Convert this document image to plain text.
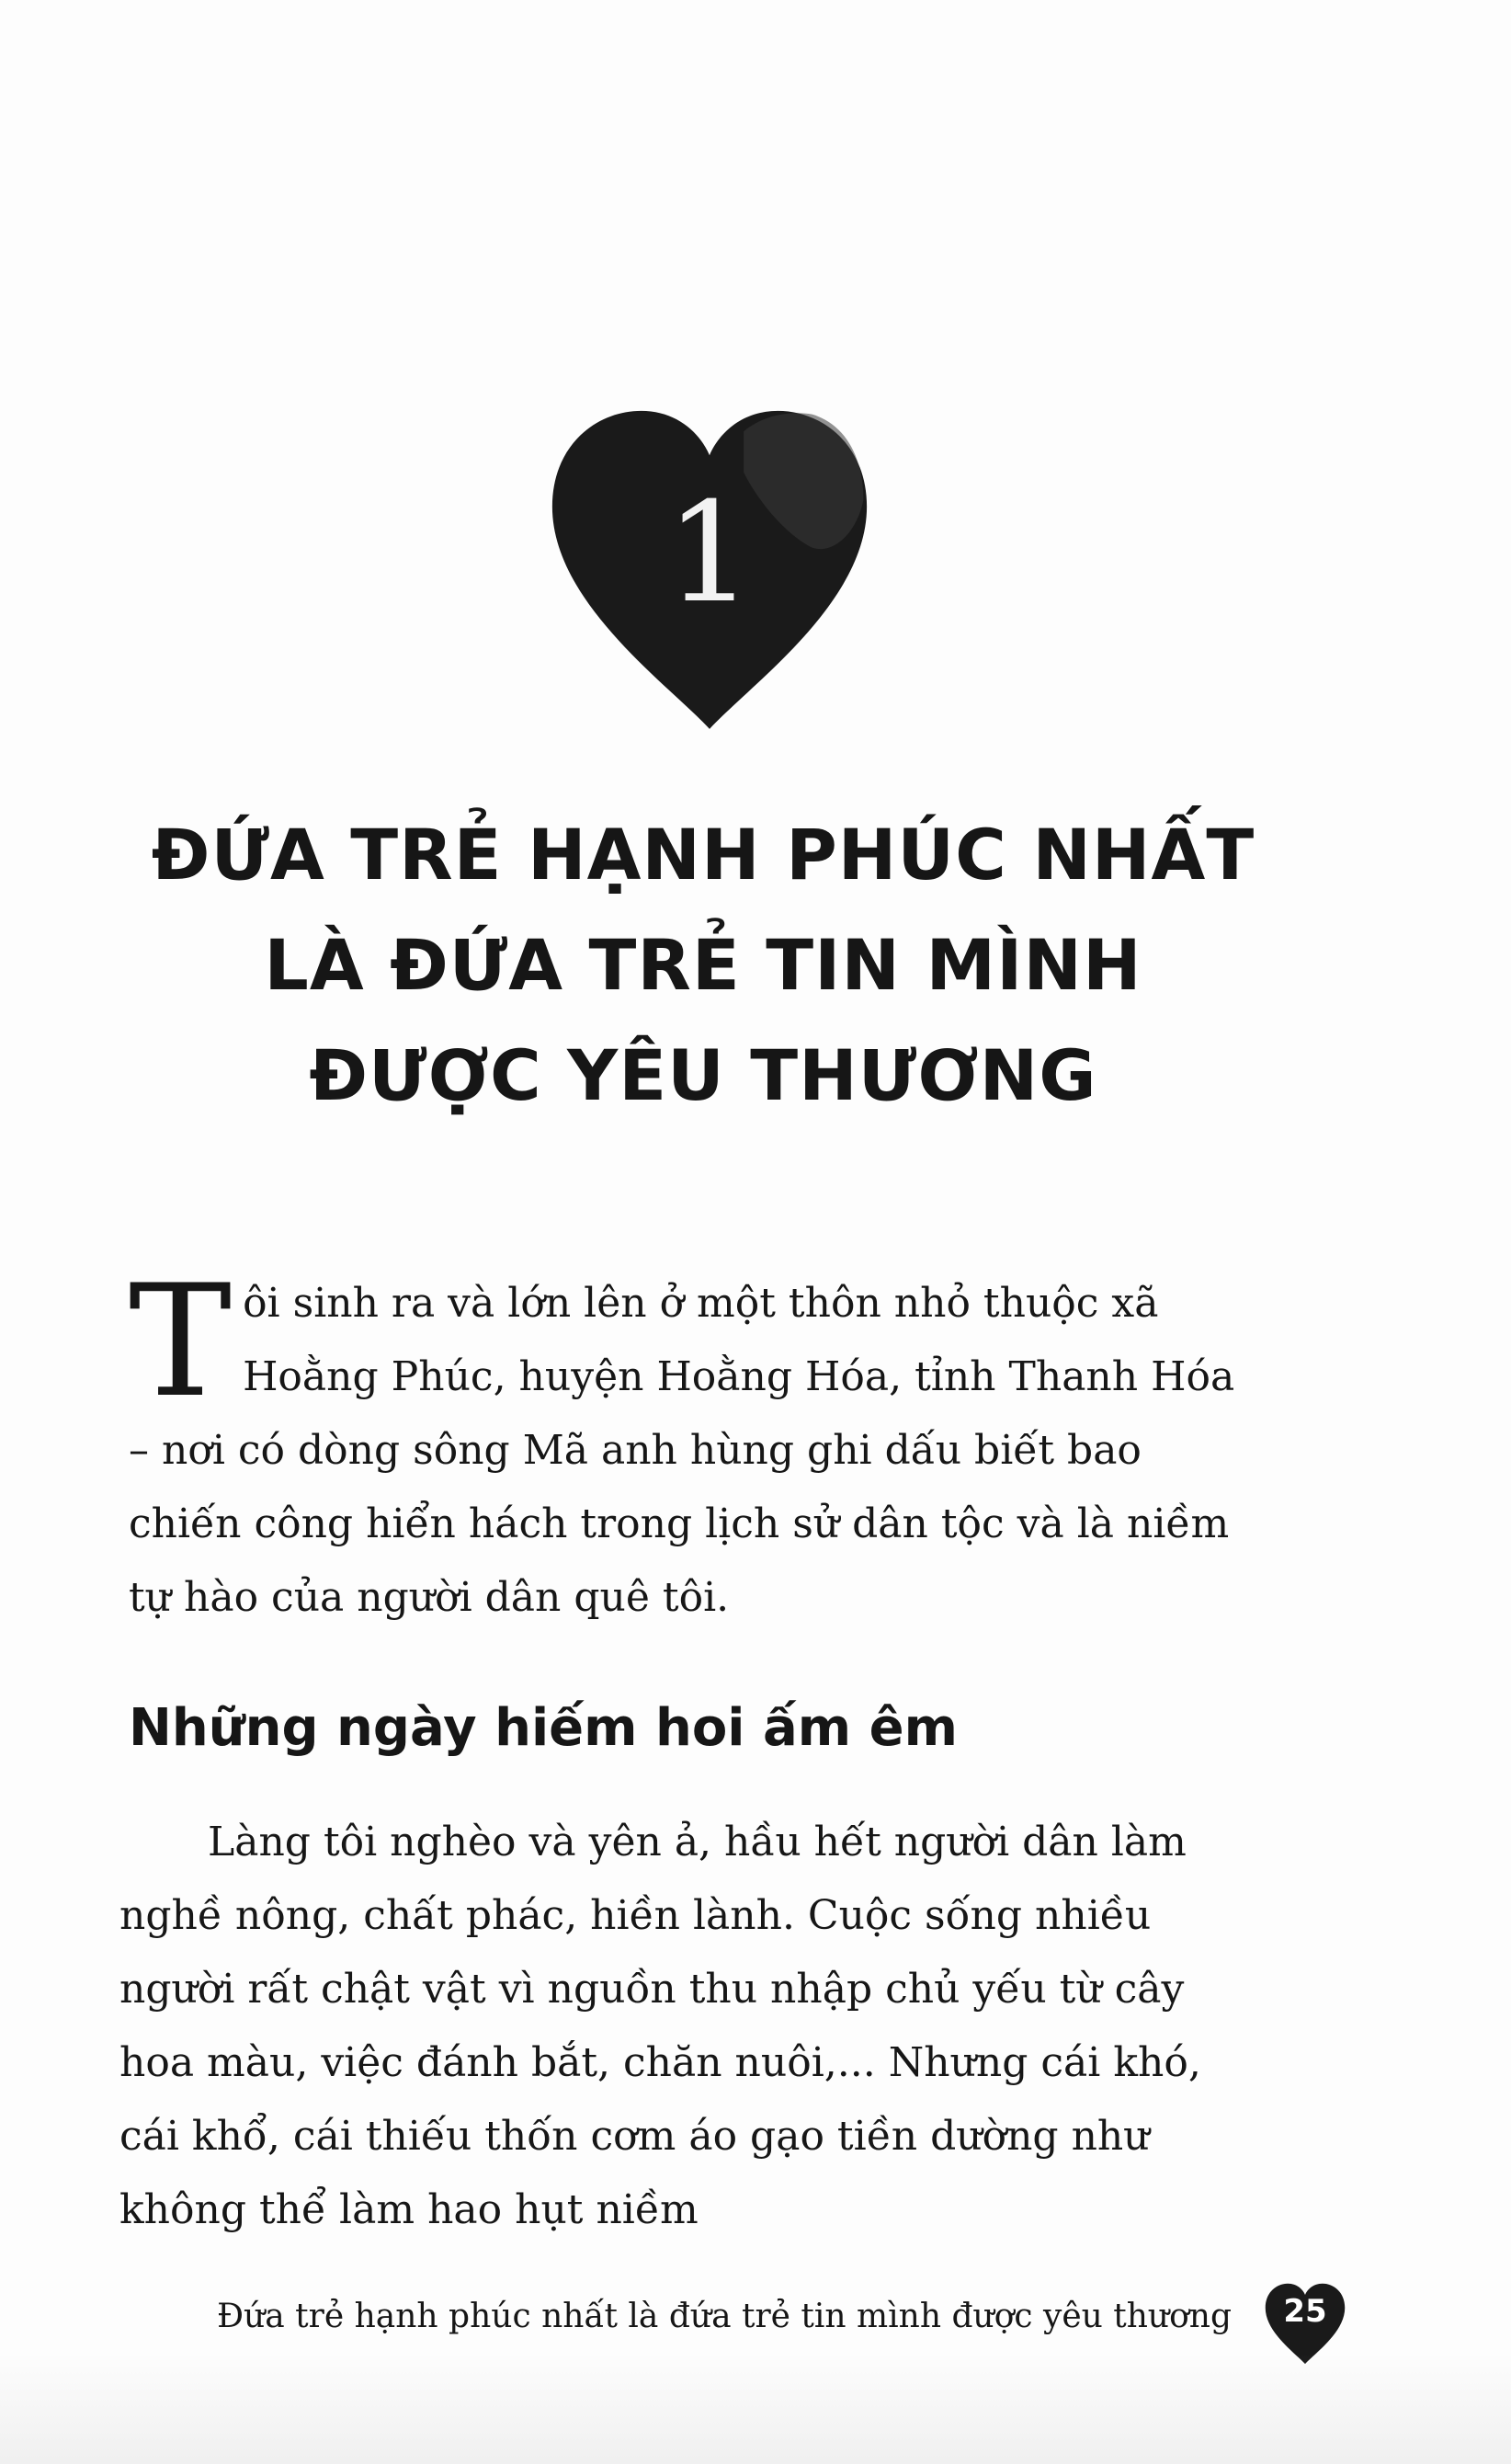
1
ĐỨA TRẺ HẠNH PHÚC NHẤT
LÀ ĐỨA TRẺ TIN MÌNH
ĐƯỢC YÊU THƯƠNG

Tôi sinh ra và lớn lên ở một thôn nhỏ thuộc xã Hoằng Phúc, huyện Hoằng Hóa, tỉnh Thanh Hóa – nơi có dòng sông Mã anh hùng ghi dấu biết bao chiến công hiển hách trong lịch sử dân tộc và là niềm tự hào của người dân quê tôi.

Những ngày hiếm hoi ấm êm

Làng tôi nghèo và yên ả, hầu hết người dân làm nghề nông, chất phác, hiền lành. Cuộc sống nhiều người rất chật vật vì nguồn thu nhập chủ yếu từ cây hoa màu, việc đánh bắt, chăn nuôi,... Nhưng cái khó, cái khổ, cái thiếu thốn cơm áo gạo tiền dường như không thể làm hao hụt niềm

Đứa trẻ hạnh phúc nhất là đứa trẻ tin mình được yêu thương	25
